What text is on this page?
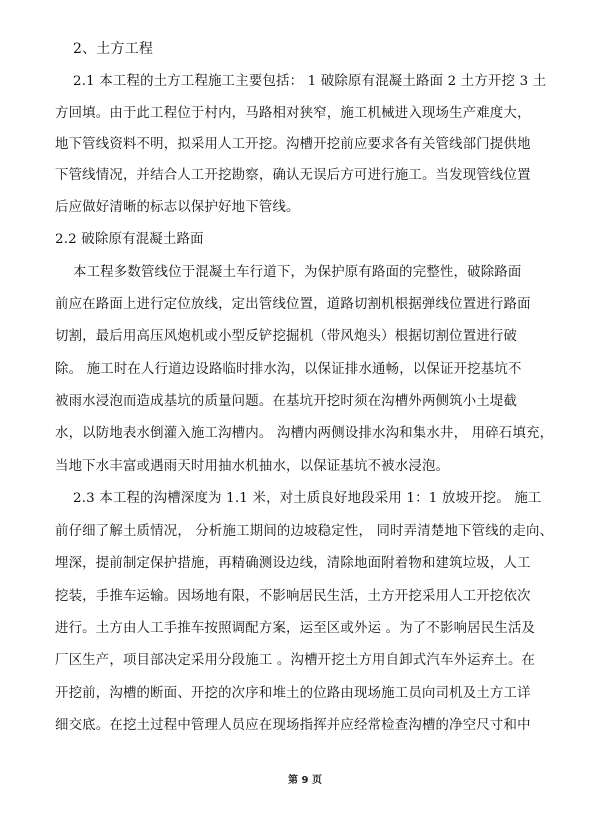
2、土方工程
2.1 本工程的土方工程施工主要包括： 1 破除原有混凝土路面 2 土方开挖 3 土
方回填。由于此工程位于村内，马路相对狭窄，施工机械进入现场生产难度大，
地下管线资料不明，拟采用人工开挖。沟槽开挖前应要求各有关管线部门提供地
下管线情况，并结合人工开挖勘察，确认无误后方可进行施工。当发现管线位置
后应做好清晰的标志以保护好地下管线。
2.2 破除原有混凝土路面
本工程多数管线位于混凝土车行道下，为保护原有路面的完整性，破除路面
前应在路面上进行定位放线，定出管线位置，道路切割机根据弹线位置进行路面
切割，最后用高压风炮机或小型反铲挖掘机（带风炮头）根据切割位置进行破
除。 施工时在人行道边设路临时排水沟，以保证排水通畅，以保证开挖基坑不
被雨水浸泡而造成基坑的质量问题。在基坑开挖时须在沟槽外两侧筑小土堤截
水，以防地表水倒灌入施工沟槽内。 沟槽内两侧设排水沟和集水井， 用碎石填充，
当地下水丰富或遇雨天时用抽水机抽水，以保证基坑不被水浸泡。
2.3 本工程的沟槽深度为 1.1 米，对土质良好地段采用 1：1 放坡开挖。 施工
前仔细了解土质情况， 分析施工期间的边坡稳定性， 同时弄清楚地下管线的走向、
埋深，提前制定保护措施，再精确测设边线，清除地面附着物和建筑垃圾，人工
挖装，手推车运输。因场地有限，不影响居民生活，土方开挖采用人工开挖依次
进行。土方由人工手推车按照调配方案，运至区或外运 。为了不影响居民生活及
厂区生产，项目部决定采用分段施工 。沟槽开挖土方用自卸式汽车外运弃土。在
开挖前，沟槽的断面、开挖的次序和堆土的位路由现场施工员向司机及土方工详
细交底。在挖土过程中管理人员应在现场指挥并应经常检查沟槽的净空尺寸和中
第 9 页
